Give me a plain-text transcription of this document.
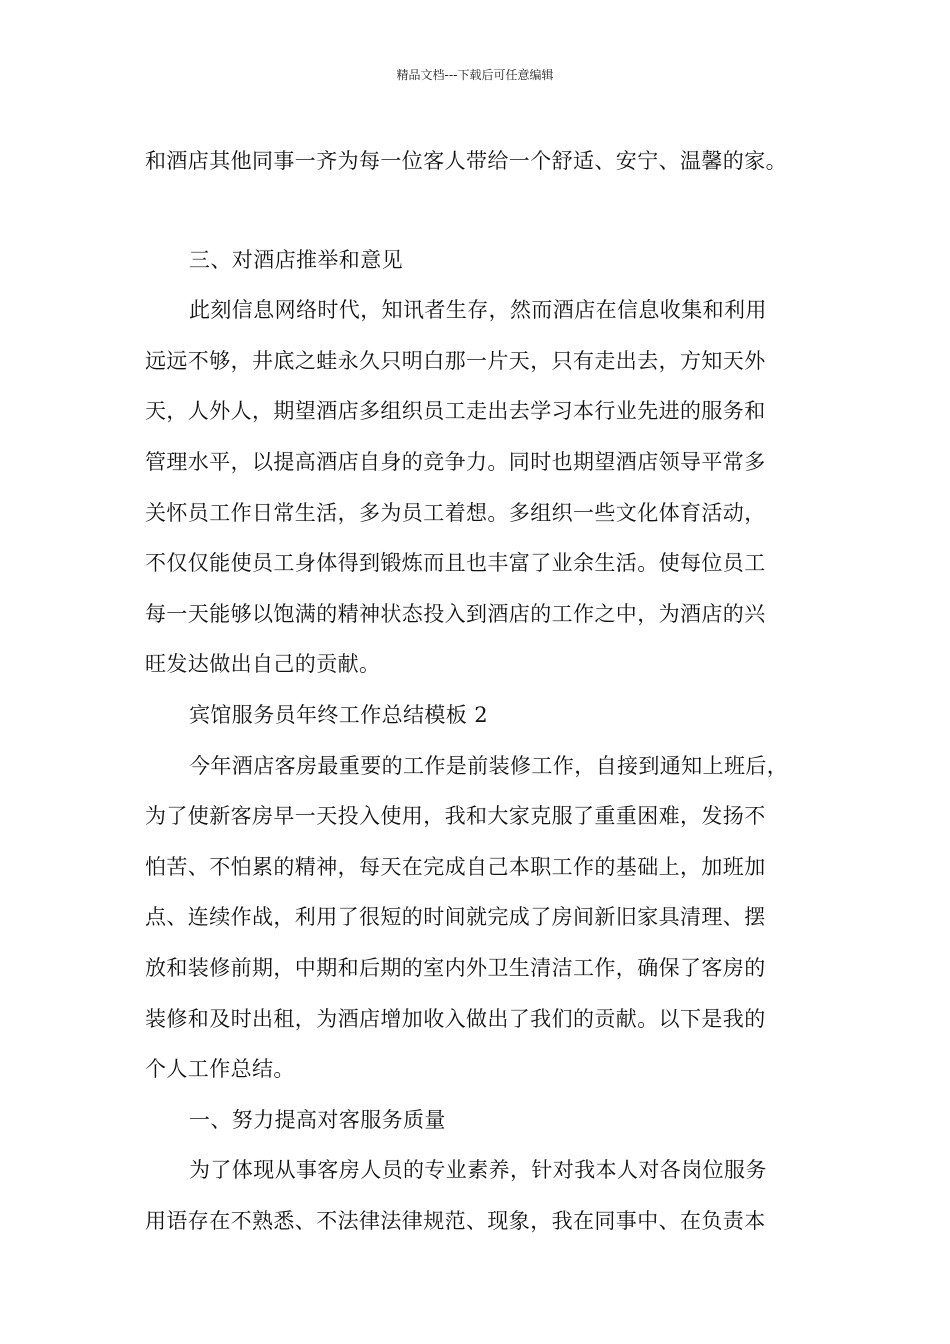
精品文档---下载后可任意编辑
和酒店其他同事一齐为每一位客人带给一个舒适、安宁、温馨的家。
三、对酒店推举和意见
此刻信息网络时代，知讯者生存，然而酒店在信息收集和利用
远远不够，井底之蛙永久只明白那一片天，只有走出去，方知天外
天，人外人，期望酒店多组织员工走出去学习本行业先进的服务和
管理水平，以提高酒店自身的竞争力。同时也期望酒店领导平常多
关怀员工作日常生活，多为员工着想。多组织一些文化体育活动，
不仅仅能使员工身体得到锻炼而且也丰富了业余生活。使每位员工
每一天能够以饱满的精神状态投入到酒店的工作之中，为酒店的兴
旺发达做出自己的贡献。
宾馆服务员年终工作总结模板 2
今年酒店客房最重要的工作是前装修工作，自接到通知上班后，
为了使新客房早一天投入使用，我和大家克服了重重困难，发扬不
怕苦、不怕累的精神，每天在完成自己本职工作的基础上，加班加
点、连续作战，利用了很短的时间就完成了房间新旧家具清理、摆
放和装修前期，中期和后期的室内外卫生清洁工作，确保了客房的
装修和及时出租，为酒店增加收入做出了我们的贡献。以下是我的
个人工作总结。
一、努力提高对客服务质量
为了体现从事客房人员的专业素养，针对我本人对各岗位服务
用语存在不熟悉、不法律法律规范、现象，我在同事中、在负责本
